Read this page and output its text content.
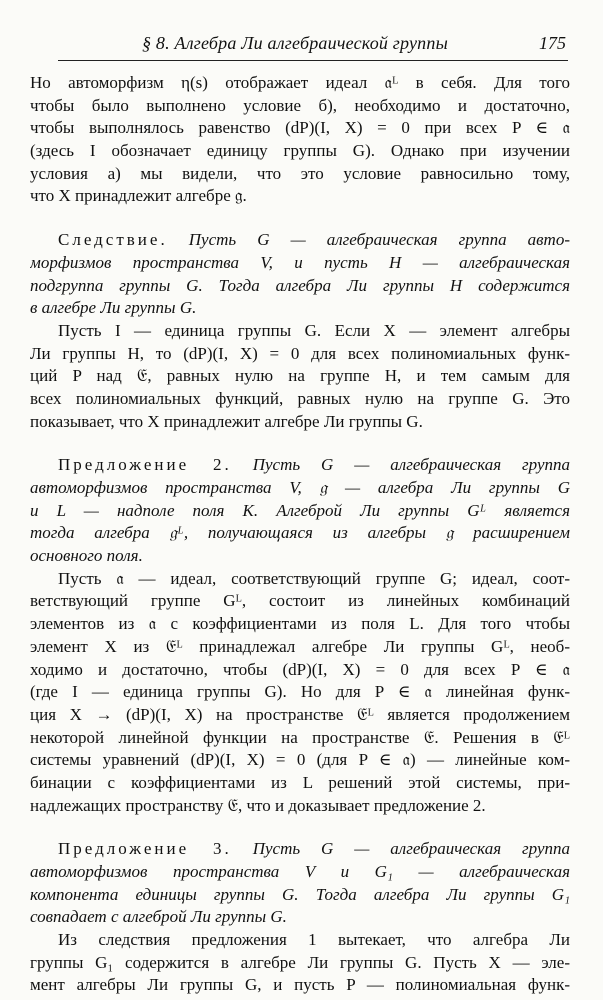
§ 8. Алгебра Ли алгебраической группы	175
Но автоморфизм η(s) отображает идеал 𝔞ᴸ в себя. Для того
чтобы было выполнено условие б), необходимо и достаточно,
чтобы выполнялось равенство (dP)(I, X) = 0 при всех P ∈ 𝔞
(здесь I обозначает единицу группы G). Однако при изучении
условия а) мы видели, что это условие равносильно тому,
что X принадлежит алгебре 𝔤.
Следствие. Пусть G — алгебраическая группа авто-
морфизмов пространства V, и пусть H — алгебраическая
подгруппа группы G. Тогда алгебра Ли группы H содержится
в алгебре Ли группы G.
Пусть I — единица группы G. Если X — элемент алгебры
Ли группы H, то (dP)(I, X) = 0 для всех полиномиальных функ-
ций P над 𝔈, равных нулю на группе H, и тем самым для
всех полиномиальных функций, равных нулю на группе G. Это
показывает, что X принадлежит алгебре Ли группы G.
Предложение 2. Пусть G — алгебраическая группа
автоморфизмов пространства V, 𝔤 — алгебра Ли группы G
и L — надполе поля K. Алгеброй Ли группы Gᴸ является
тогда алгебра 𝔤ᴸ, получающаяся из алгебры 𝔤 расширением
основного поля.
Пусть 𝔞 — идеал, соответствующий группе G; идеал, соот-
ветствующий группе Gᴸ, состоит из линейных комбинаций
элементов из 𝔞 с коэффициентами из поля L. Для того чтобы
элемент X из 𝔈ᴸ принадлежал алгебре Ли группы Gᴸ, необ-
ходимо и достаточно, чтобы (dP)(I, X) = 0 для всех P ∈ 𝔞
(где I — единица группы G). Но для P ∈ 𝔞 линейная функ-
ция X → (dP)(I, X) на пространстве 𝔈ᴸ является продолжением
некоторой линейной функции на пространстве 𝔈. Решения в 𝔈ᴸ
системы уравнений (dP)(I, X) = 0 (для P ∈ 𝔞) — линейные ком-
бинации с коэффициентами из L решений этой системы, при-
надлежащих пространству 𝔈, что и доказывает предложение 2.
Предложение 3. Пусть G — алгебраическая группа
автоморфизмов пространства V и G₁ — алгебраическая
компонента единицы группы G. Тогда алгебра Ли группы G₁
совпадает с алгеброй Ли группы G.
Из следствия предложения 1 вытекает, что алгебра Ли
группы G₁ содержится в алгебре Ли группы G. Пусть X — эле-
мент алгебры Ли группы G, и пусть P — полиномиальная функ-
